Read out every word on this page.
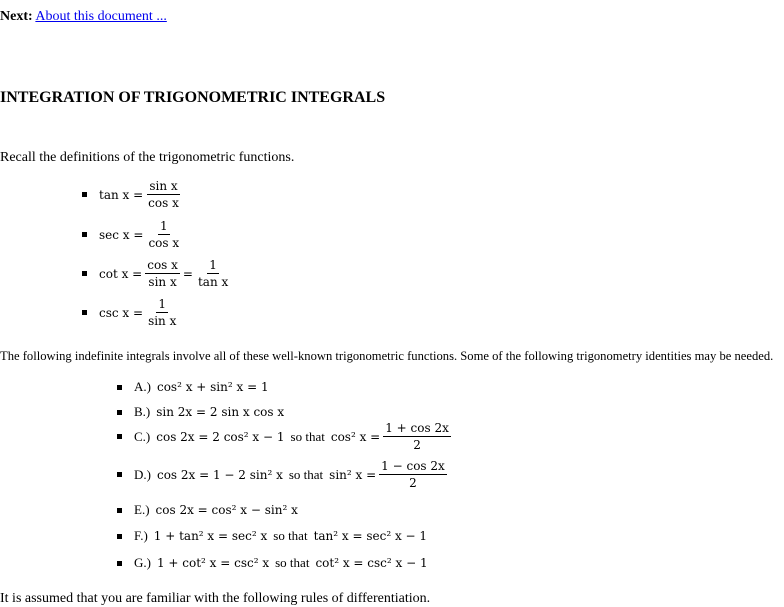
Next: About this document ...
INTEGRATION OF TRIGONOMETRIC INTEGRALS
Recall the definitions of the trigonometric functions.
$\tan x = \frac{\text{sin x}}{\text{cos x}}$
$\sec x = \frac{1}{\text{cos x}}$
$\cot x = \frac{\text{cos x}}{\text{sin x}} = \frac{1}{\text{tan x}}$
$\csc x = \frac{1}{\text{sin x}}$
The following indefinite integrals involve all of these well-known trigonometric functions. Some of the following trigonometry identities may be needed.
A.) cos² x + sin² x = 1
B.) sin 2x = 2 sin x cos x
C.) cos 2x = 2 cos² x − 1 so that cos² $x = \frac{1 + \cos 2x}{2}$
D.) cos 2x = 1 − 2 sin² x so that sin² $x = \frac{1 - \cos 2x}{2}$
E.) cos 2x = cos² x − sin² x
F.) 1 + tan² x = sec² x so that tan² x = sec² x − 1
G.) 1 + cot² x = csc² x so that cot² x = csc² x − 1
It is assumed that you are familiar with the following rules of differentiation.
